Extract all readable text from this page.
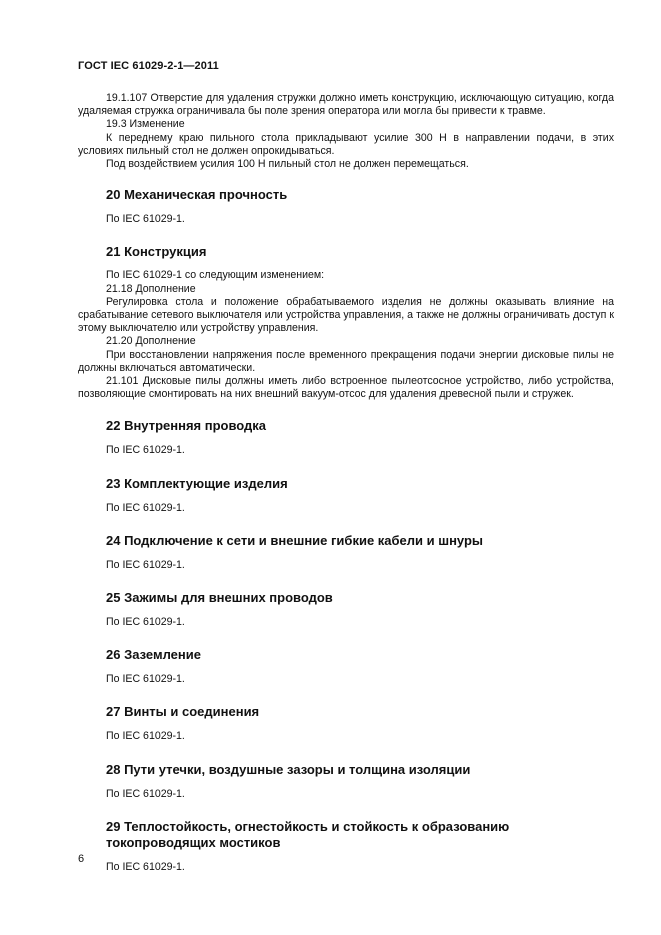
ГОСТ IEC 61029-2-1—2011

19.1.107 Отверстие для удаления стружки должно иметь конструкцию, исключающую ситуацию, когда удаляемая стружка ограничивала бы поле зрения оператора или могла бы привести к травме.

19.3 Изменение

К переднему краю пильного стола прикладывают усилие 300 Н в направлении подачи, в этих условиях пильный стол не должен опрокидываться.

Под воздействием усилия 100 Н пильный стол не должен перемещаться.

20 Механическая прочность

По IEC 61029-1.

21 Конструкция

По IEC 61029-1 со следующим изменением:

21.18 Дополнение

Регулировка стола и положение обрабатываемого изделия не должны оказывать влияние на срабатывание сетевого выключателя или устройства управления, а также не должны ограничивать доступ к этому выключателю или устройству управления.

21.20 Дополнение

При восстановлении напряжения после временного прекращения подачи энергии дисковые пилы не должны включаться автоматически.

21.101 Дисковые пилы должны иметь либо встроенное пылеотсосное устройство, либо устройства, позволяющие смонтировать на них внешний вакуум-отсос для удаления древесной пыли и стружек.

22 Внутренняя проводка

По IEC 61029-1.

23 Комплектующие изделия

По IEC 61029-1.

24 Подключение к сети и внешние гибкие кабели и шнуры

По IEC 61029-1.

25 Зажимы для внешних проводов

По IEC 61029-1.

26 Заземление

По IEC 61029-1.

27 Винты и соединения

По IEC 61029-1.

28 Пути утечки, воздушные зазоры и толщина изоляции

По IEC 61029-1.

29 Теплостойкость, огнестойкость и стойкость к образованию
токопроводящих мостиков

По IEC 61029-1.

6
